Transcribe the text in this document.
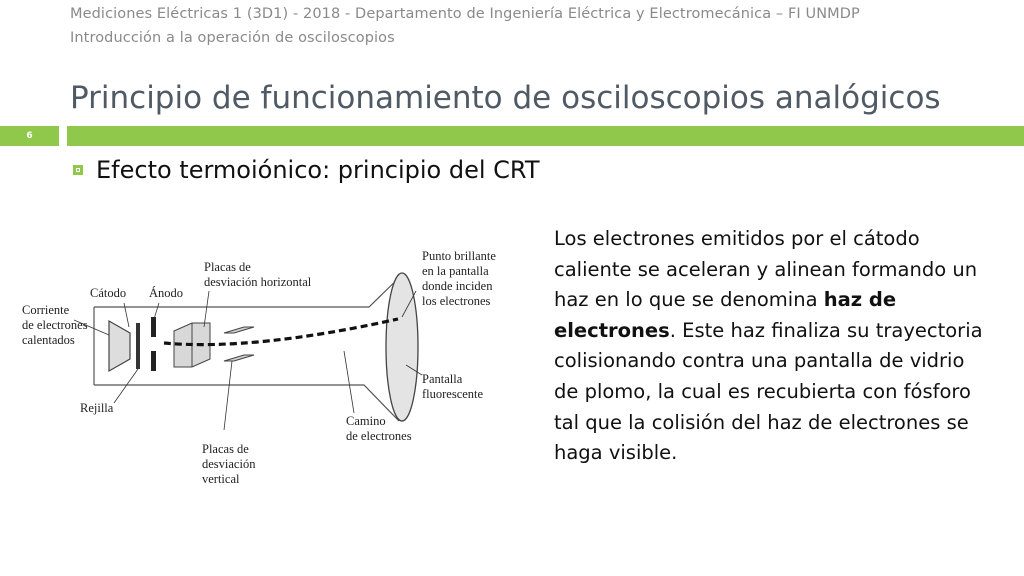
Mediciones Eléctricas 1 (3D1) - 2018 - Departamento de Ingeniería Eléctrica y Electromecánica – FI UNMDP
Introducción a la operación de osciloscopios
Principio de funcionamiento de osciloscopios analógicos
6
Efecto termoiónico: principio del CRT
Los electrones emitidos por el cátodo caliente se aceleran y alinean formando un haz en lo que se denomina haz de electrones. Este haz finaliza su trayectoria colisionando contra una pantalla de vidrio de plomo, la cual es recubierta con fósforo tal que la colisión del haz de electrones se haga visible.
Corriente
de electrones
calentados
Cátodo Ánodo
Rejilla
Placas de
desviación horizontal
Placas de
desviación
vertical
Camino
de electrones
Punto brillante
en la pantalla
donde inciden
los electrones
Pantalla
fluorescente
